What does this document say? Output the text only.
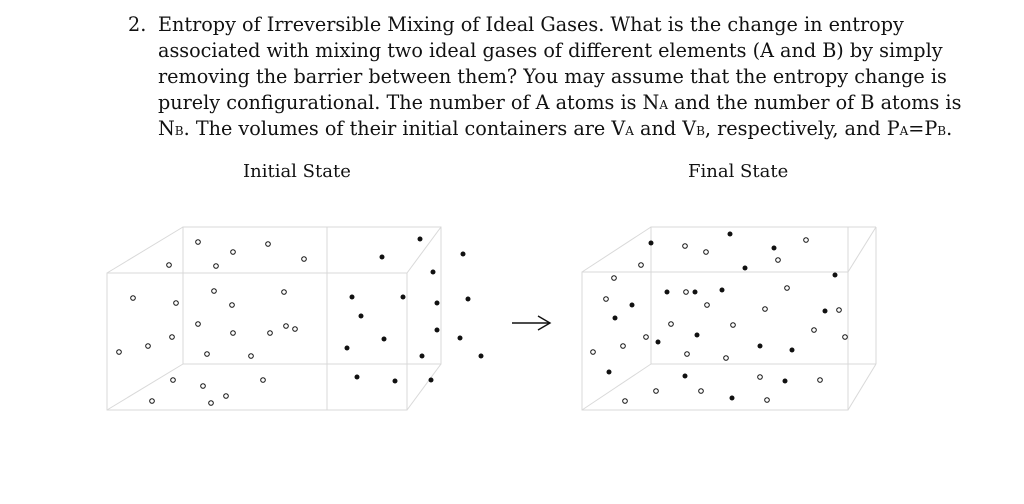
2. Entropy of Irreversible Mixing of Ideal Gases. What is the change in entropy
associated with mixing two ideal gases of different elements (A and B) by simply
removing the barrier between them? You may assume that the entropy change is
purely configurational. The number of A atoms is NA and the number of B atoms is
NB. The volumes of their initial containers are VA and VB, respectively, and PA=PB.
Initial State	Final State
